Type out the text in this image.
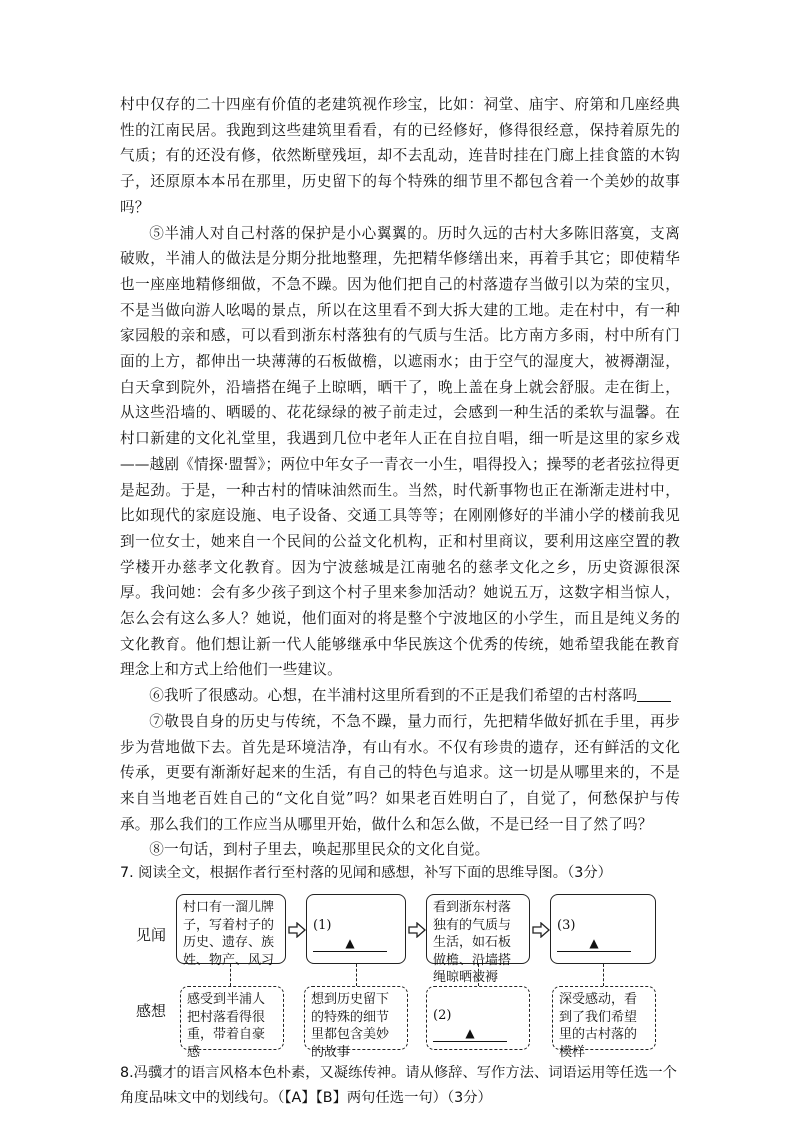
村中仅存的二十四座有价值的老建筑视作珍宝，比如：祠堂、庙宇、府第和几座经典性的江南民居。我跑到这些建筑里看看，有的已经修好，修得很经意，保持着原先的气质；有的还没有修，依然断壁残垣，却不去乱动，连昔时挂在门廊上挂食篮的木钩子，还原原本本吊在那里，历史留下的每个特殊的细节里不都包含着一个美妙的故事吗？

⑤半浦人对自己村落的保护是小心翼翼的。历时久远的古村大多陈旧落寞，支离破败，半浦人的做法是分期分批地整理，先把精华修缮出来，再着手其它；即使精华也一座座地精修细做，不急不躁。因为他们把自己的村落遗存当做引以为荣的宝贝，不是当做向游人吆喝的景点，所以在这里看不到大拆大建的工地。走在村中，有一种家园般的亲和感，可以看到浙东村落独有的气质与生活。比方南方多雨，村中所有门面的上方，都伸出一块薄薄的石板做檐，以遮雨水；由于空气的湿度大，被褥潮湿，白天拿到院外，沿墙搭在绳子上晾晒，晒干了，晚上盖在身上就会舒服。走在街上，从这些沿墙的、晒暖的、花花绿绿的被子前走过，会感到一种生活的柔软与温馨。在村口新建的文化礼堂里，我遇到几位中老年人正在自拉自唱，细一听是这里的家乡戏——越剧《情探·盟誓》；两位中年女子一青衣一小生，唱得投入；操琴的老者弦拉得更是起劲。于是，一种古村的情味油然而生。当然，时代新事物也正在渐渐走进村中，比如现代的家庭设施、电子设备、交通工具等等；在刚刚修好的半浦小学的楼前我见到一位女士，她来自一个民间的公益文化机构，正和村里商议，要利用这座空置的教学楼开办慈孝文化教育。因为宁波慈城是江南驰名的慈孝文化之乡，历史资源很深厚。我问她：会有多少孩子到这个村子里来参加活动？她说五万，这数字相当惊人，怎么会有这么多人？她说，他们面对的将是整个宁波地区的小学生，而且是纯义务的文化教育。他们想让新一代人能够继承中华民族这个优秀的传统，她希望我能在教育理念上和方式上给他们一些建议。

⑥我听了很感动。心想，在半浦村这里所看到的不正是我们希望的古村落吗

⑦敬畏自身的历史与传统，不急不躁，量力而行，先把精华做好抓在手里，再步步为营地做下去。首先是环境洁净，有山有水。不仅有珍贵的遗存，还有鲜活的文化传承，更要有渐渐好起来的生活，有自己的特色与追求。这一切是从哪里来的，不是来自当地老百姓自己的“文化自觉”吗？如果老百姓明白了，自觉了，何愁保护与传承。那么我们的工作应当从哪里开始，做什么和怎么做，不是已经一目了然了吗？

⑧一句话，到村子里去，唤起那里民众的文化自觉。

7. 阅读全文，根据作者行至村落的见闻和感想，补写下面的思维导图。（3分）

见闻
感想
村口有一溜儿牌子，写着村子的历史、遗存、族姓、物产、风习
(1) ▲
看到浙东村落独有的气质与生活，如石板做檐、沿墙搭绳晾晒被褥
(3) ▲
感受到半浦人把村落看得很重，带着自豪感
想到历史留下的特殊的细节里都包含美妙的故事
(2) ▲
深受感动，看到了我们希望里的古村落的模样

8.冯骥才的语言风格本色朴素，又凝练传神。请从修辞、写作方法、词语运用等任选一个角度品味文中的划线句。（【A】【B】两句任选一句）（3分）
